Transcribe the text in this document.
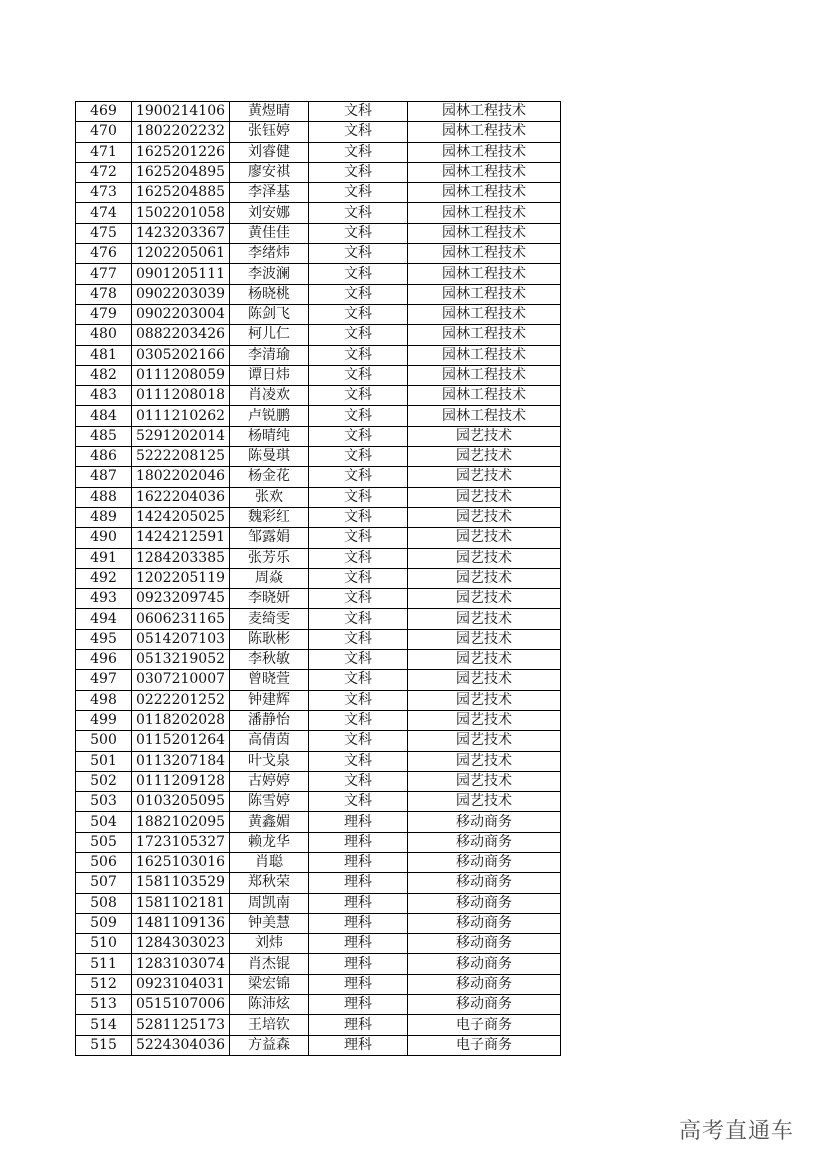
469	1900214106	黄煜晴	文科	园林工程技术
470	1802202232	张钰婷	文科	园林工程技术
471	1625201226	刘睿健	文科	园林工程技术
472	1625204895	廖安祺	文科	园林工程技术
473	1625204885	李泽基	文科	园林工程技术
474	1502201058	刘安娜	文科	园林工程技术
475	1423203367	黄佳佳	文科	园林工程技术
476	1202205061	李绪炜	文科	园林工程技术
477	0901205111	李波澜	文科	园林工程技术
478	0902203039	杨晓桃	文科	园林工程技术
479	0902203004	陈剑飞	文科	园林工程技术
480	0882203426	柯儿仁	文科	园林工程技术
481	0305202166	李清瑜	文科	园林工程技术
482	0111208059	谭日炜	文科	园林工程技术
483	0111208018	肖凌欢	文科	园林工程技术
484	0111210262	卢锐鹏	文科	园林工程技术
485	5291202014	杨晴纯	文科	园艺技术
486	5222208125	陈曼琪	文科	园艺技术
487	1802202046	杨金花	文科	园艺技术
488	1622204036	张欢	文科	园艺技术
489	1424205025	魏彩红	文科	园艺技术
490	1424212591	邹露娟	文科	园艺技术
491	1284203385	张芳乐	文科	园艺技术
492	1202205119	周焱	文科	园艺技术
493	0923209745	李晓妍	文科	园艺技术
494	0606231165	麦绮雯	文科	园艺技术
495	0514207103	陈耿彬	文科	园艺技术
496	0513219052	李秋敏	文科	园艺技术
497	0307210007	曾晓萱	文科	园艺技术
498	0222201252	钟建辉	文科	园艺技术
499	0118202028	潘静怡	文科	园艺技术
500	0115201264	高倩茵	文科	园艺技术
501	0113207184	叶戈泉	文科	园艺技术
502	0111209128	古婷婷	文科	园艺技术
503	0103205095	陈雪婷	文科	园艺技术
504	1882102095	黄鑫媚	理科	移动商务
505	1723105327	赖龙华	理科	移动商务
506	1625103016	肖聪	理科	移动商务
507	1581103529	郑秋荣	理科	移动商务
508	1581102181	周凯南	理科	移动商务
509	1481109136	钟美慧	理科	移动商务
510	1284303023	刘炜	理科	移动商务
511	1283103074	肖杰锟	理科	移动商务
512	0923104031	梁宏锦	理科	移动商务
513	0515107006	陈沛炫	理科	移动商务
514	5281125173	王培钦	理科	电子商务
515	5224304036	方益森	理科	电子商务
高考直通车
